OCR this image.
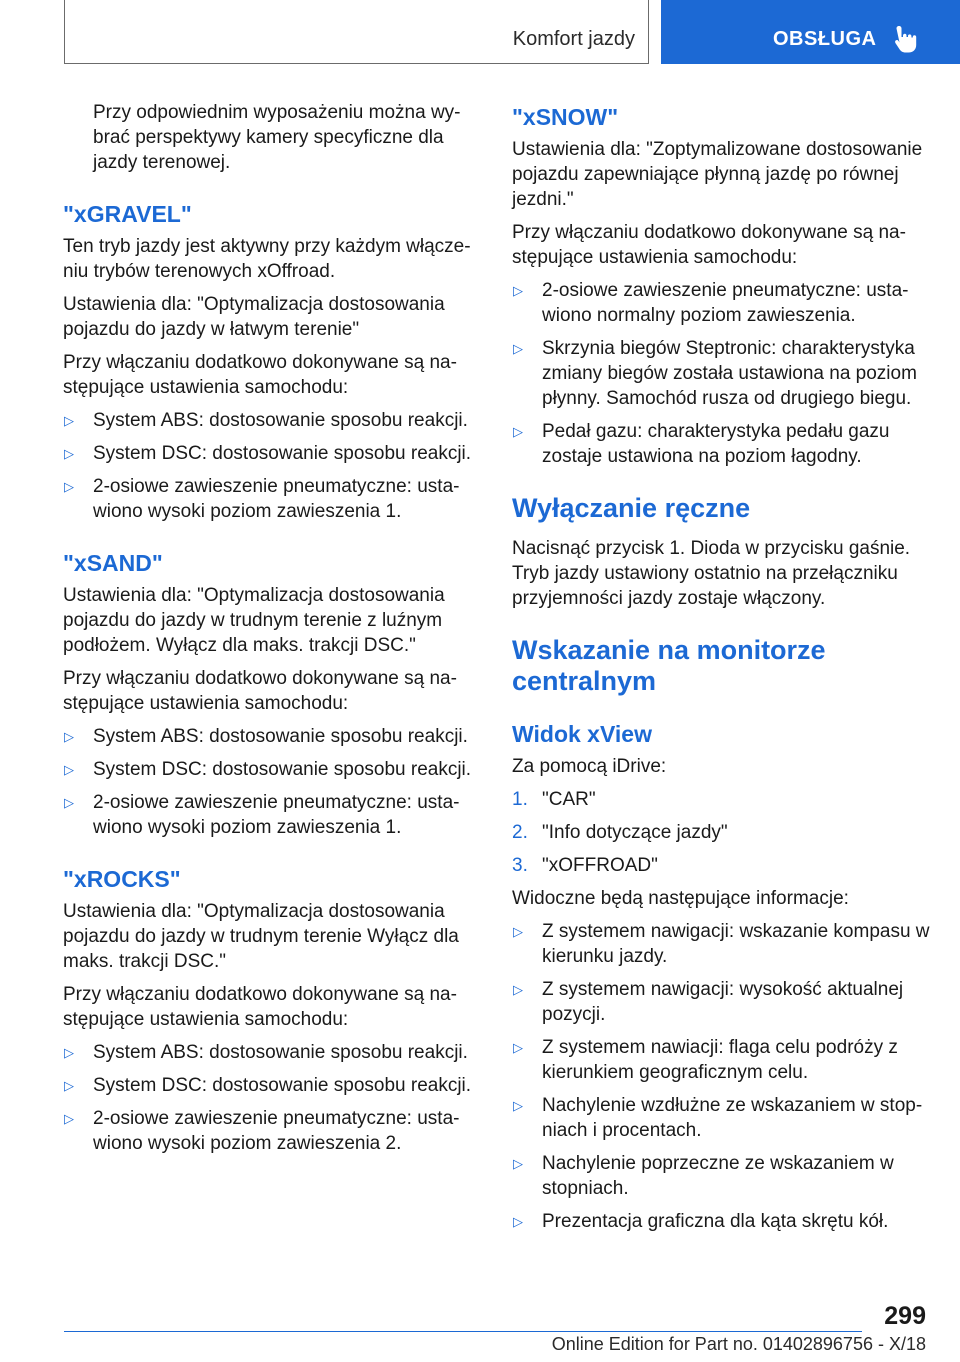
Komfort jazdy	OBSŁUGA

Przy odpowiednim wyposażeniu można wybrać perspektywy kamery specyficzne dla jazdy terenowej.

"xGRAVEL"

Ten tryb jazdy jest aktywny przy każdym włączeniu trybów terenowych xOffroad.

Ustawienia dla: "Optymalizacja dostosowania pojazdu do jazdy w łatwym terenie"

Przy włączaniu dodatkowo dokonywane są następujące ustawienia samochodu:

▷ System ABS: dostosowanie sposobu reakcji.
▷ System DSC: dostosowanie sposobu reakcji.
▷ 2-osiowe zawieszenie pneumatyczne: ustawiono wysoki poziom zawieszenia 1.
"xSAND"

Ustawienia dla: "Optymalizacja dostosowania pojazdu do jazdy w trudnym terenie z luźnym podłożem. Wyłącz dla maks. trakcji DSC."

Przy włączaniu dodatkowo dokonywane są następujące ustawienia samochodu:

▷ System ABS: dostosowanie sposobu reakcji.
▷ System DSC: dostosowanie sposobu reakcji.
▷ 2-osiowe zawieszenie pneumatyczne: ustawiono wysoki poziom zawieszenia 1.
"xROCKS"

Ustawienia dla: "Optymalizacja dostosowania pojazdu do jazdy w trudnym terenie Wyłącz dla maks. trakcji DSC."

Przy włączaniu dodatkowo dokonywane są następujące ustawienia samochodu:

▷ System ABS: dostosowanie sposobu reakcji.
▷ System DSC: dostosowanie sposobu reakcji.
▷ 2-osiowe zawieszenie pneumatyczne: ustawiono wysoki poziom zawieszenia 2.
"xSNOW"

Ustawienia dla: "Zoptymalizowane dostosowanie pojazdu zapewniające płynną jazdę po równej jezdni."

Przy włączaniu dodatkowo dokonywane są następujące ustawienia samochodu:

▷ 2-osiowe zawieszenie pneumatyczne: ustawiono normalny poziom zawieszenia.
▷ Skrzynia biegów Steptronic: charakterystyka zmiany biegów została ustawiona na poziom płynny. Samochód rusza od drugiego biegu.
▷ Pedał gazu: charakterystyka pedału gazu zostaje ustawiona na poziom łagodny.
Wyłączanie ręczne

Nacisnąć przycisk 1. Dioda w przycisku gaśnie. Tryb jazdy ustawiony ostatnio na przełączniku przyjemności jazdy zostaje włączony.

Wskazanie na monitorze centralnym
Widok xView

Za pomocą iDrive:

1. "CAR"
2. "Info dotyczące jazdy"
3. "xOFFROAD"

Widoczne będą następujące informacje:

▷ Z systemem nawigacji: wskazanie kompasu w kierunku jazdy.
▷ Z systemem nawigacji: wysokość aktualnej pozycji.
▷ Z systemem nawiacji: flaga celu podróży z kierunkiem geograficznym celu.
▷ Nachylenie wzdłużne ze wskazaniem w stopniach i procentach.
▷ Nachylenie poprzeczne ze wskazaniem w stopniach.
▷ Prezentacja graficzna dla kąta skrętu kół.
299
Online Edition for Part no. 01402896756 - X/18
